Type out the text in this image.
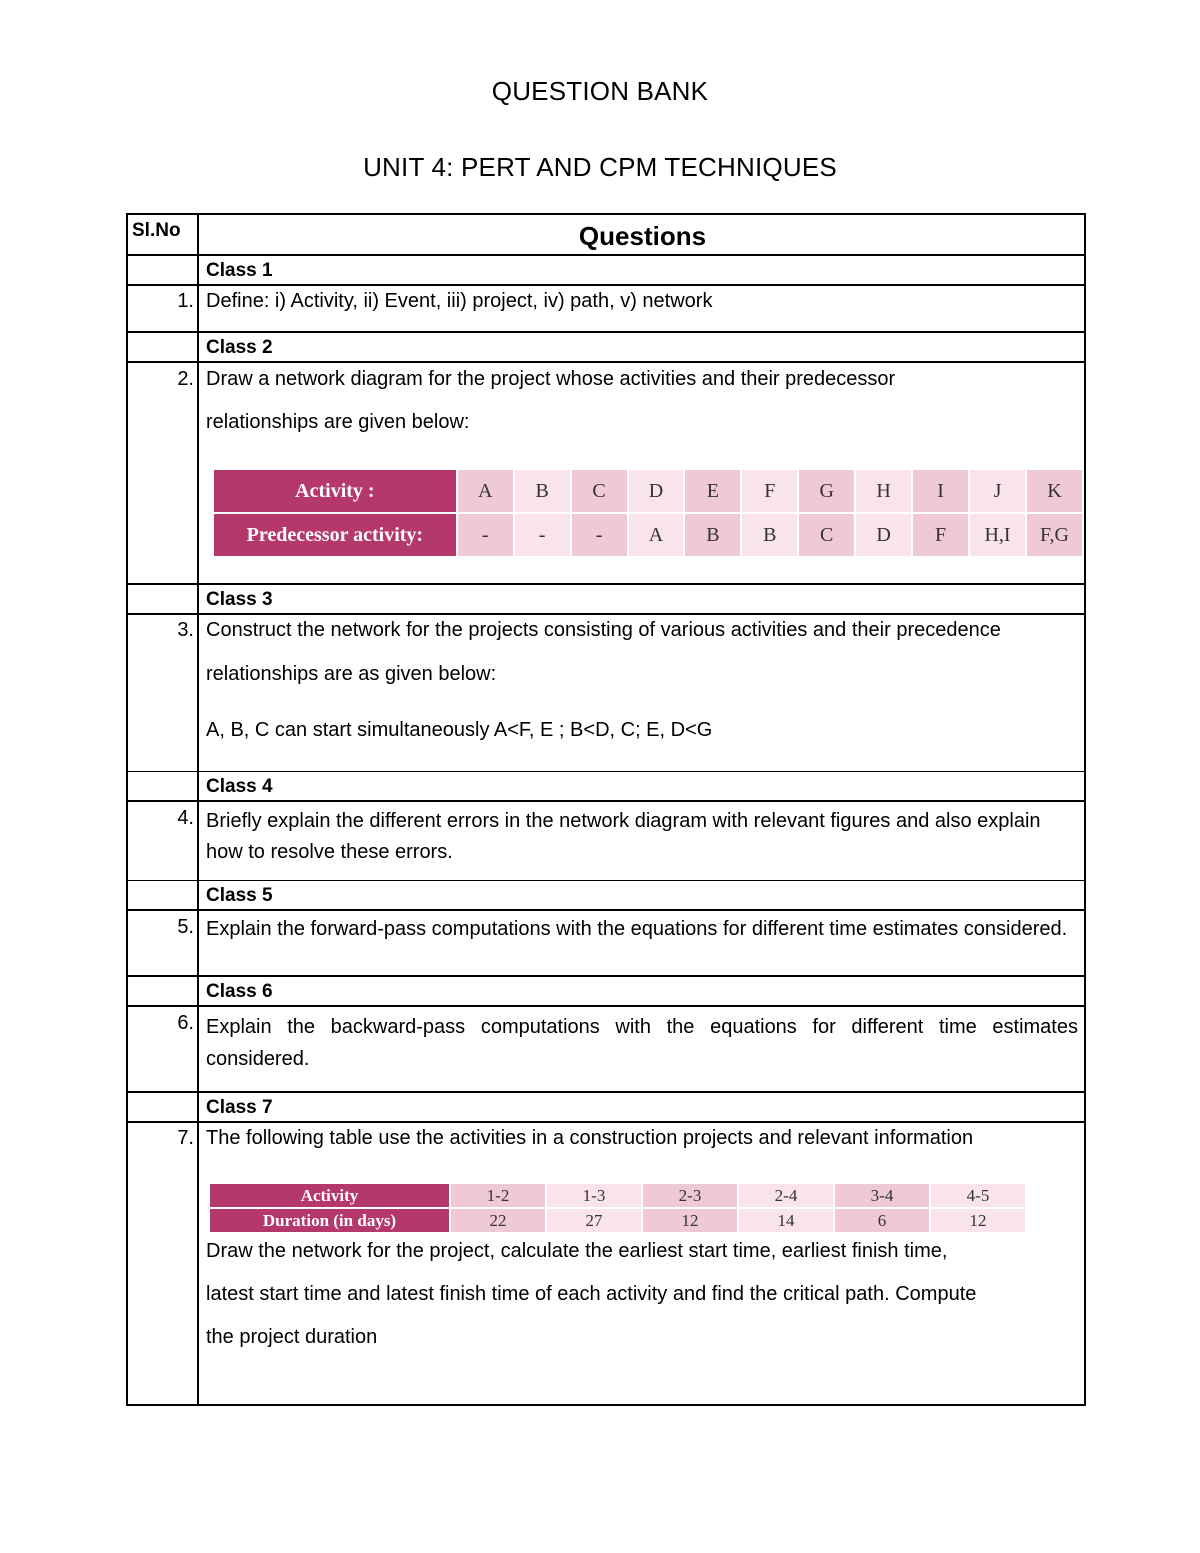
QUESTION BANK
UNIT 4: PERT AND CPM TECHNIQUES
Sl.No	Questions
Class 1
1. Define: i) Activity, ii) Event, iii) project, iv) path, v) network
Class 2
2. Draw a network diagram for the project whose activities and their predecessor
relationships are given below:
Activity :	A	B	C	D	E	F	G	H	I	J	K
Predecessor activity:	-	-	-	A	B	B	C	D	F	H,I	F,G
Class 3
3. Construct the network for the projects consisting of various activities and their precedence
relationships are as given below:
A, B, C can start simultaneously A<F, E ; B<D, C; E, D<G
Class 4
4. Briefly explain the different errors in the network diagram with relevant figures and also explain how to resolve these errors.
Class 5
5. Explain the forward-pass computations with the equations for different time estimates considered.
Class 6
6. Explain the backward-pass computations with the equations for different time estimates considered.
Class 7
7. The following table use the activities in a construction projects and relevant information
Activity	1-2	1-3	2-3	2-4	3-4	4-5
Duration (in days)	22	27	12	14	6	12
Draw the network for the project, calculate the earliest start time, earliest finish time,
latest start time and latest finish time of each activity and find the critical path. Compute
the project duration
